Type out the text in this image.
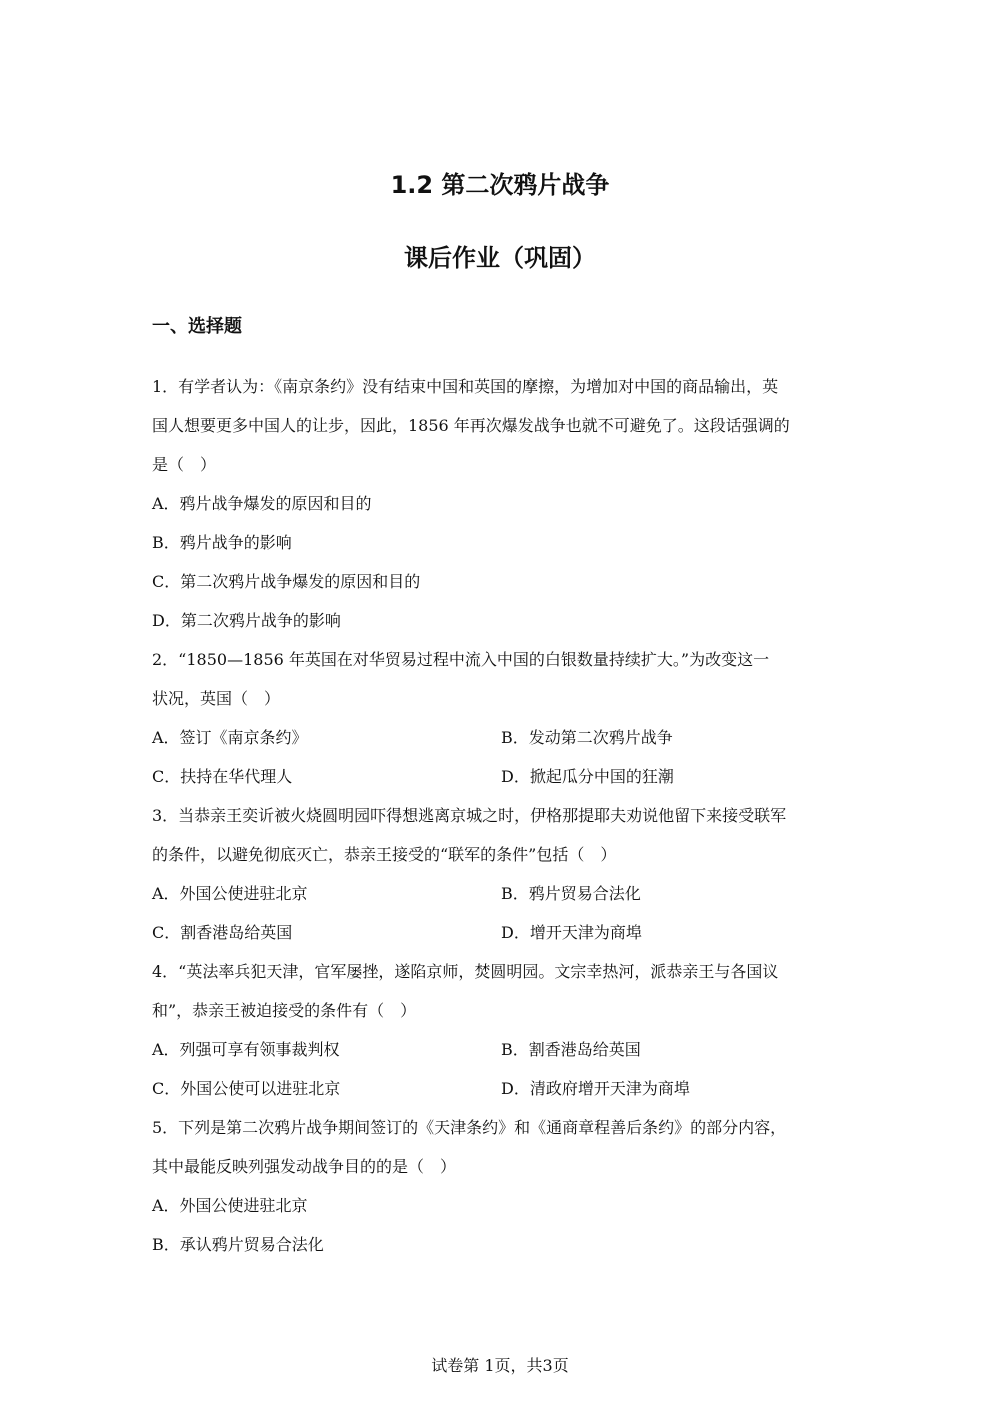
1.2 第二次鸦片战争
课后作业（巩固）
一、选择题
1．有学者认为：《南京条约》没有结束中国和英国的摩擦，为增加对中国的商品输出，英
国人想要更多中国人的让步，因此，1856 年再次爆发战争也就不可避免了。这段话强调的
是（　）
A．鸦片战争爆发的原因和目的
B．鸦片战争的影响
C．第二次鸦片战争爆发的原因和目的
D．第二次鸦片战争的影响
2．“1850—1856 年英国在对华贸易过程中流入中国的白银数量持续扩大。”为改变这一
状况，英国（　）
A．签订《南京条约》	B．发动第二次鸦片战争
C．扶持在华代理人	D．掀起瓜分中国的狂潮
3．当恭亲王奕䜣被火烧圆明园吓得想逃离京城之时，伊格那提耶夫劝说他留下来接受联军
的条件，以避免彻底灭亡，恭亲王接受的“联军的条件”包括（　）
A．外国公使进驻北京	B．鸦片贸易合法化
C．割香港岛给英国	D．增开天津为商埠
4．“英法率兵犯天津，官军屡挫，遂陷京师，焚圆明园。文宗幸热河，派恭亲王与各国议
和”，恭亲王被迫接受的条件有（　）
A．列强可享有领事裁判权	B．割香港岛给英国
C．外国公使可以进驻北京	D．清政府增开天津为商埠
5．下列是第二次鸦片战争期间签订的《天津条约》和《通商章程善后条约》的部分内容，
其中最能反映列强发动战争目的的是（　）
A．外国公使进驻北京
B．承认鸦片贸易合法化
试卷第 1页，共3页
